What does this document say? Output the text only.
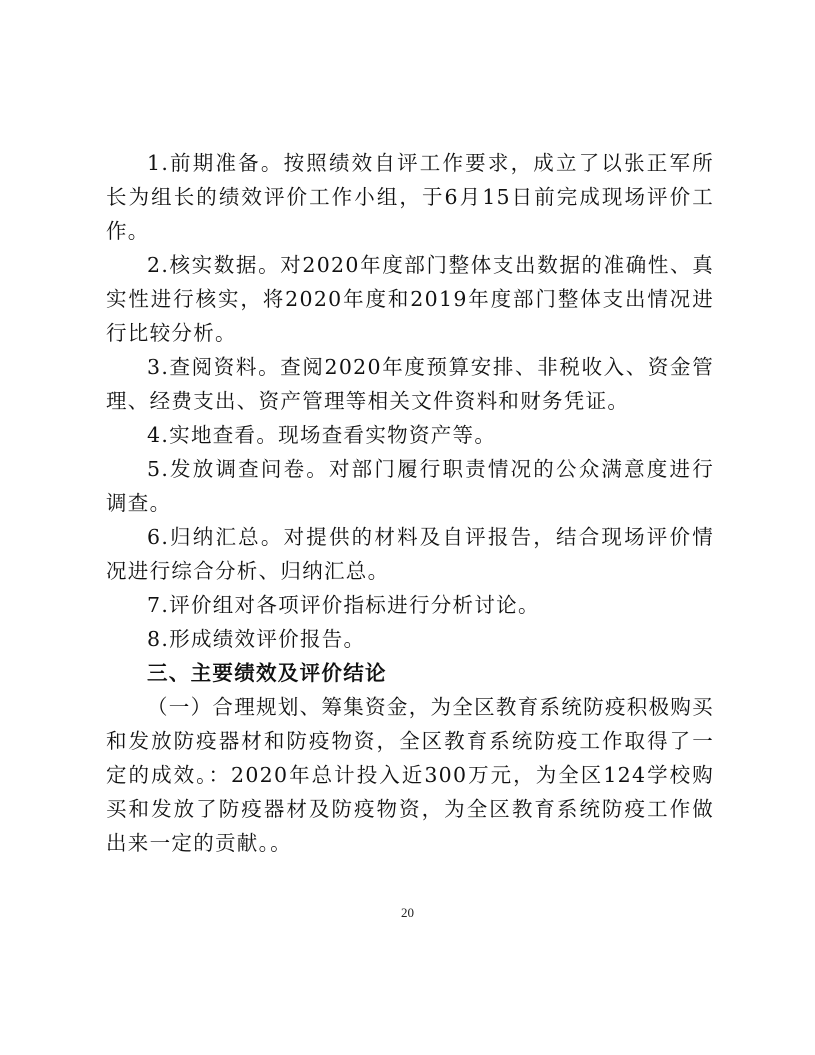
1.前期准备。按照绩效自评工作要求，成立了以张正军所长为组长的绩效评价工作小组，于6月15日前完成现场评价工作。

2.核实数据。对2020年度部门整体支出数据的准确性、真实性进行核实，将2020年度和2019年度部门整体支出情况进行比较分析。

3.查阅资料。查阅2020年度预算安排、非税收入、资金管理、经费支出、资产管理等相关文件资料和财务凭证。

4.实地查看。现场查看实物资产等。

5.发放调查问卷。对部门履行职责情况的公众满意度进行调查。

6.归纳汇总。对提供的材料及自评报告，结合现场评价情况进行综合分析、归纳汇总。

7.评价组对各项评价指标进行分析讨论。

8.形成绩效评价报告。

三、主要绩效及评价结论

（一）合理规划、筹集资金，为全区教育系统防疫积极购买和发放防疫器材和防疫物资，全区教育系统防疫工作取得了一定的成效。：2020年总计投入近300万元，为全区124学校购买和发放了防疫器材及防疫物资，为全区教育系统防疫工作做出来一定的贡献。。

20
